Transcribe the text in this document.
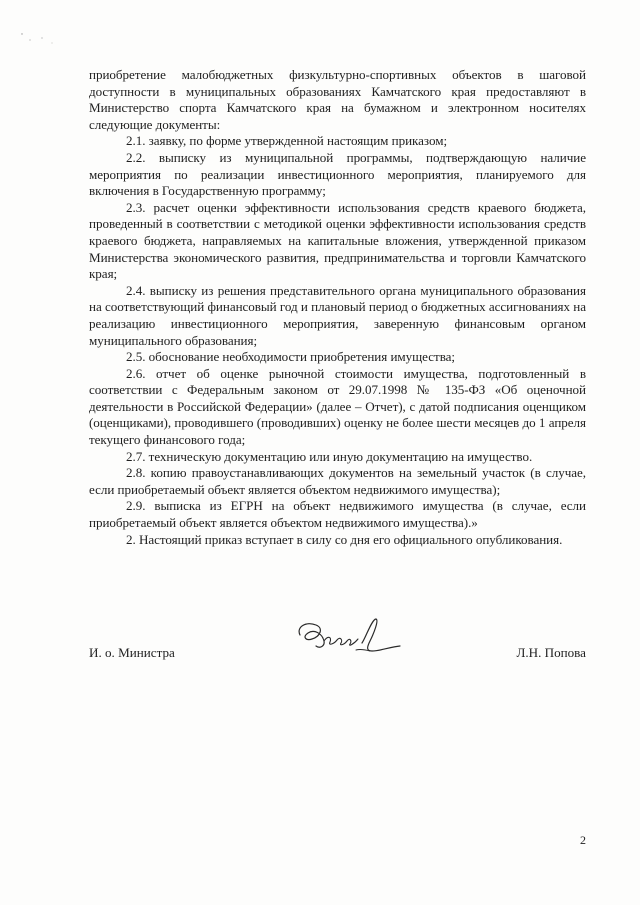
приобретение малобюджетных физкультурно-спортивных объектов в шаговой доступности в муниципальных образованиях Камчатского края предоставляют в Министерство спорта Камчатского края на бумажном и электронном носителях следующие документы:

2.1. заявку, по форме утвержденной настоящим приказом;

2.2. выписку из муниципальной программы, подтверждающую наличие мероприятия по реализации инвестиционного мероприятия, планируемого для включения в Государственную программу;

2.3. расчет оценки эффективности использования средств краевого бюджета, проведенный в соответствии с методикой оценки эффективности использования средств краевого бюджета, направляемых на капитальные вложения, утвержденной приказом Министерства экономического развития, предпринимательства и торговли Камчатского края;

2.4. выписку из решения представительного органа муниципального образования на соответствующий финансовый год и плановый период о бюджетных ассигнованиях на реализацию инвестиционного мероприятия, заверенную финансовым органом муниципального образования;

2.5. обоснование необходимости приобретения имущества;

2.6. отчет об оценке рыночной стоимости имущества, подготовленный в соответствии с Федеральным законом от 29.07.1998 № 135-ФЗ «Об оценочной деятельности в Российской Федерации» (далее – Отчет), с датой подписания оценщиком (оценщиками), проводившего (проводивших) оценку не более шести месяцев до 1 апреля текущего финансового года;

2.7. техническую документацию или иную документацию на имущество.

2.8. копию правоустанавливающих документов на земельный участок (в случае, если приобретаемый объект является объектом недвижимого имущества);

2.9. выписка из ЕГРН на объект недвижимого имущества (в случае, если приобретаемый объект является объектом недвижимого имущества).»

2. Настоящий приказ вступает в силу со дня его официального опубликования.

И. о. Министра	Л.Н. Попова
2
